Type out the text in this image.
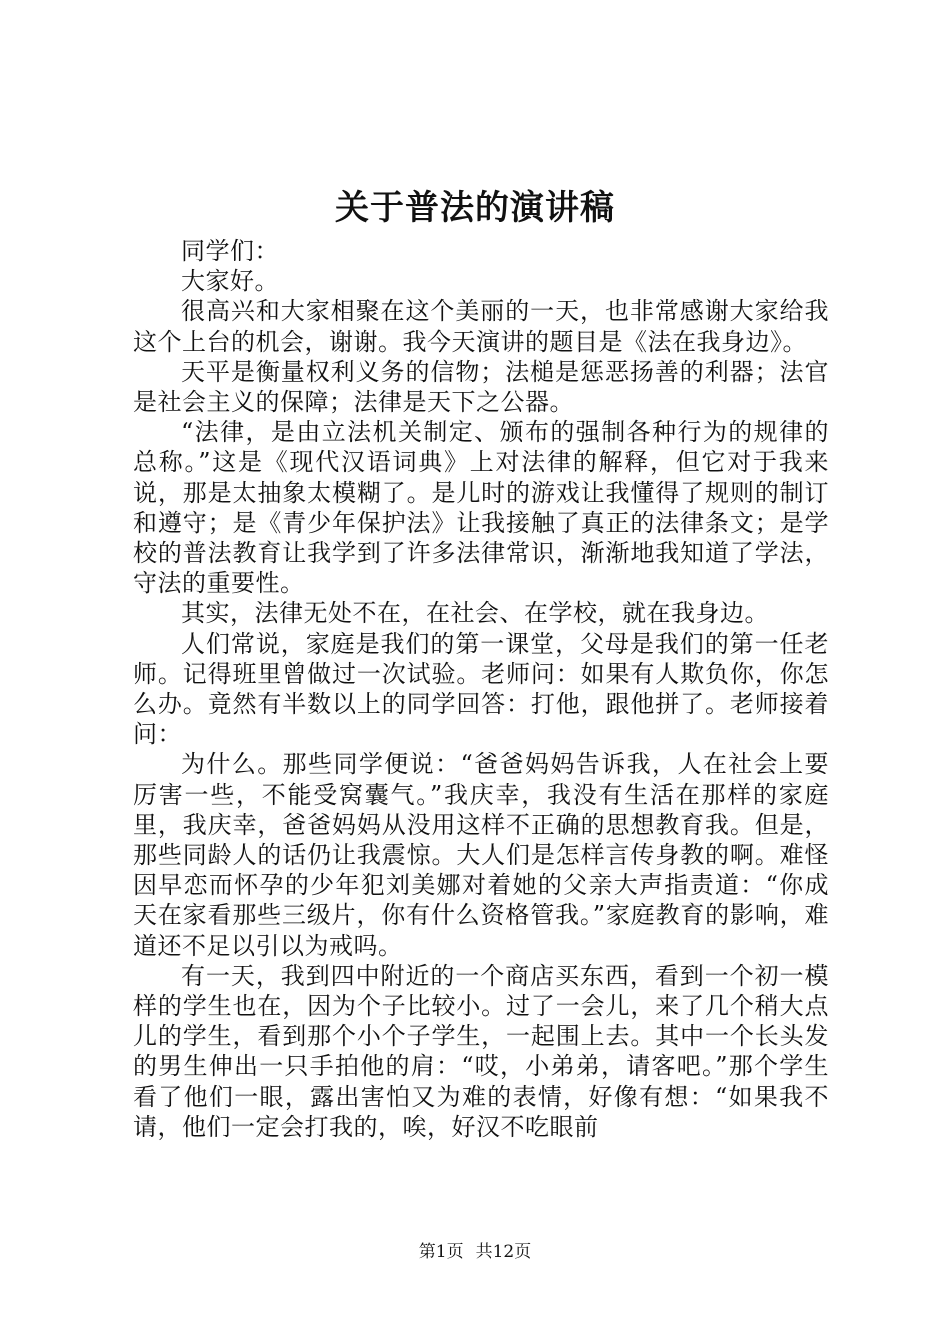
关于普法的演讲稿

同学们：

大家好。

很高兴和大家相聚在这个美丽的一天，也非常感谢大家给我这个上台的机会，谢谢。我今天演讲的题目是《法在我身边》。

天平是衡量权利义务的信物；法槌是惩恶扬善的利器；法官是社会主义的保障；法律是天下之公器。

“法律，是由立法机关制定、颁布的强制各种行为的规律的总称。”这是《现代汉语词典》上对法律的解释，但它对于我来说，那是太抽象太模糊了。是儿时的游戏让我懂得了规则的制订和遵守；是《青少年保护法》让我接触了真正的法律条文；是学校的普法教育让我学到了许多法律常识，渐渐地我知道了学法，守法的重要性。

其实，法律无处不在，在社会、在学校，就在我身边。

人们常说，家庭是我们的第一课堂，父母是我们的第一任老师。记得班里曾做过一次试验。老师问：如果有人欺负你，你怎么办。竟然有半数以上的同学回答：打他，跟他拼了。老师接着问：

为什么。那些同学便说：“爸爸妈妈告诉我，人在社会上要厉害一些，不能受窝囊气。”我庆幸，我没有生活在那样的家庭里，我庆幸，爸爸妈妈从没用这样不正确的思想教育我。但是，那些同龄人的话仍让我震惊。大人们是怎样言传身教的啊。难怪因早恋而怀孕的少年犯刘美娜对着她的父亲大声指责道：“你成天在家看那些三级片，你有什么资格管我。”家庭教育的影响，难道还不足以引以为戒吗。

有一天，我到四中附近的一个商店买东西，看到一个初一模样的学生也在，因为个子比较小。过了一会儿，来了几个稍大点儿的学生，看到那个小个子学生，一起围上去。其中一个长头发的男生伸出一只手拍他的肩：“哎，小弟弟，请客吧。”那个学生看了他们一眼，露出害怕又为难的表情，好像有想：“如果我不请，他们一定会打我的，唉，好汉不吃眼前

第1页 共12页
